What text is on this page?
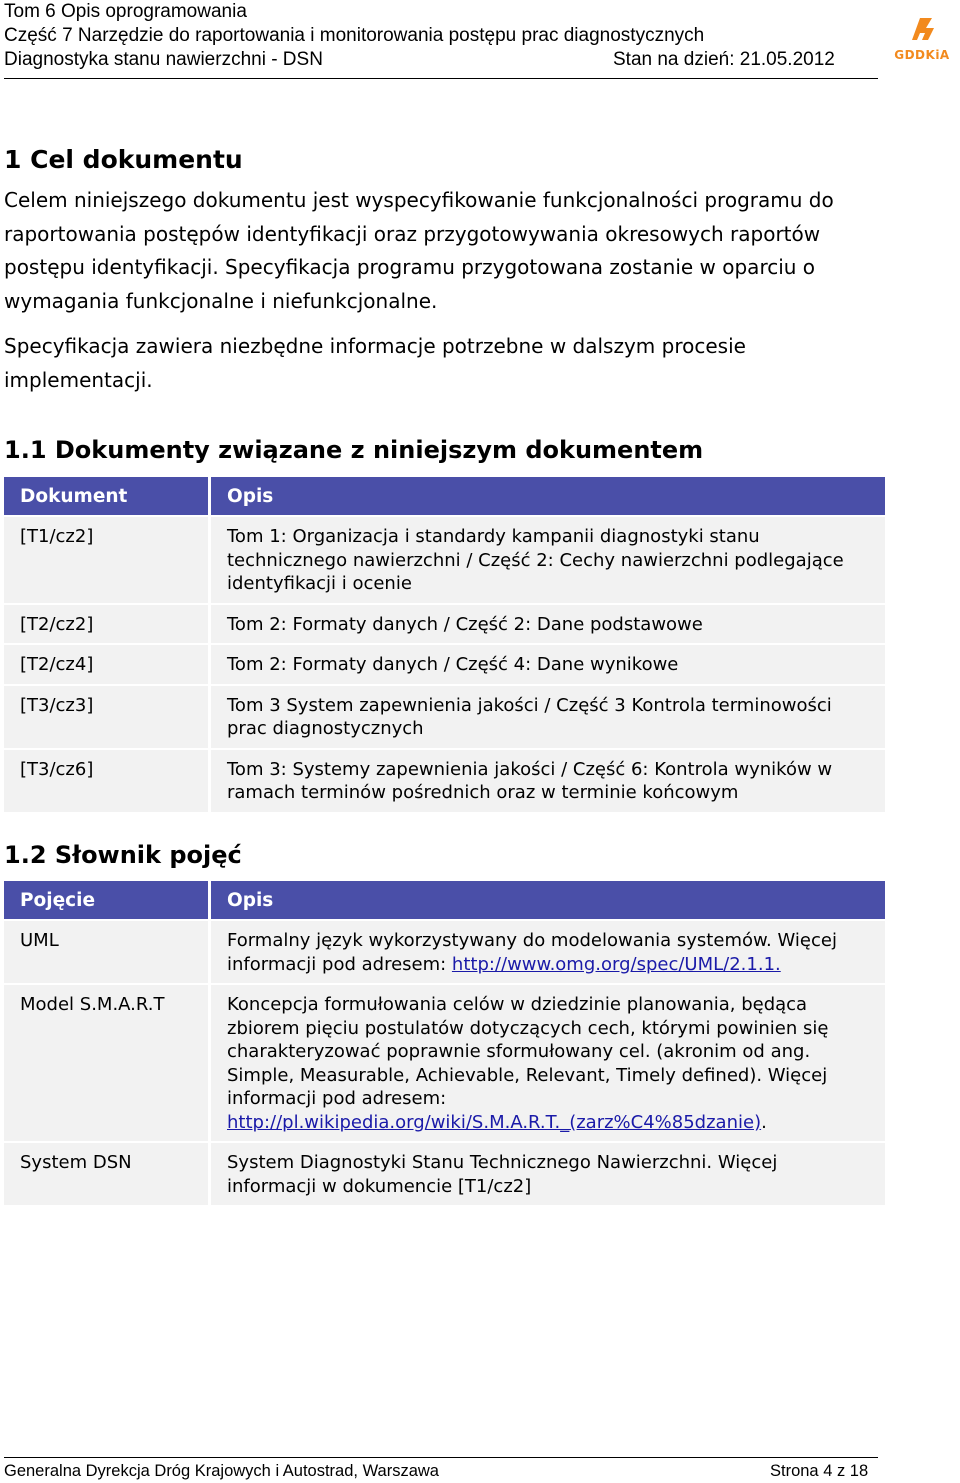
Tom 6 Opis oprogramowania
Część 7 Narzędzie do raportowania i monitorowania postępu prac diagnostycznych
Diagnostyka stanu nawierzchni - DSN	Stan na dzień: 21.05.2012	GDDKiA
1 Cel dokumentu
Celem niniejszego dokumentu jest wyspecyfikowanie funkcjonalności programu do raportowania postępów identyfikacji oraz przygotowywania okresowych raportów postępu identyfikacji. Specyfikacja programu przygotowana zostanie w oparciu o wymagania funkcjonalne i niefunkcjonalne.
Specyfikacja zawiera niezbędne informacje potrzebne w dalszym procesie implementacji.
1.1 Dokumenty związane z niniejszym dokumentem
Dokument	Opis
[T1/cz2]	Tom 1: Organizacja i standardy kampanii diagnostyki stanu technicznego nawierzchni / Część 2: Cechy nawierzchni podlegające identyfikacji i ocenie
[T2/cz2]	Tom 2: Formaty danych / Część 2: Dane podstawowe
[T2/cz4]	Tom 2: Formaty danych / Część 4: Dane wynikowe
[T3/cz3]	Tom 3 System zapewnienia jakości / Część 3 Kontrola terminowości prac diagnostycznych
[T3/cz6]	Tom 3: Systemy zapewnienia jakości / Część 6: Kontrola wyników w ramach terminów pośrednich oraz w terminie końcowym
1.2 Słownik pojęć
Pojęcie	Opis
UML	Formalny język wykorzystywany do modelowania systemów. Więcej informacji pod adresem: http://www.omg.org/spec/UML/2.1.1.
Model S.M.A.R.T	Koncepcja formułowania celów w dziedzinie planowania, będąca zbiorem pięciu postulatów dotyczących cech, którymi powinien się charakteryzować poprawnie sformułowany cel. (akronim od ang. Simple, Measurable, Achievable, Relevant, Timely defined). Więcej informacji pod adresem: http://pl.wikipedia.org/wiki/S.M.A.R.T._(zarz%C4%85dzanie).
System DSN	System Diagnostyki Stanu Technicznego Nawierzchni. Więcej informacji w dokumencie [T1/cz2]
Generalna Dyrekcja Dróg Krajowych i Autostrad, Warszawa	Strona 4 z 18
